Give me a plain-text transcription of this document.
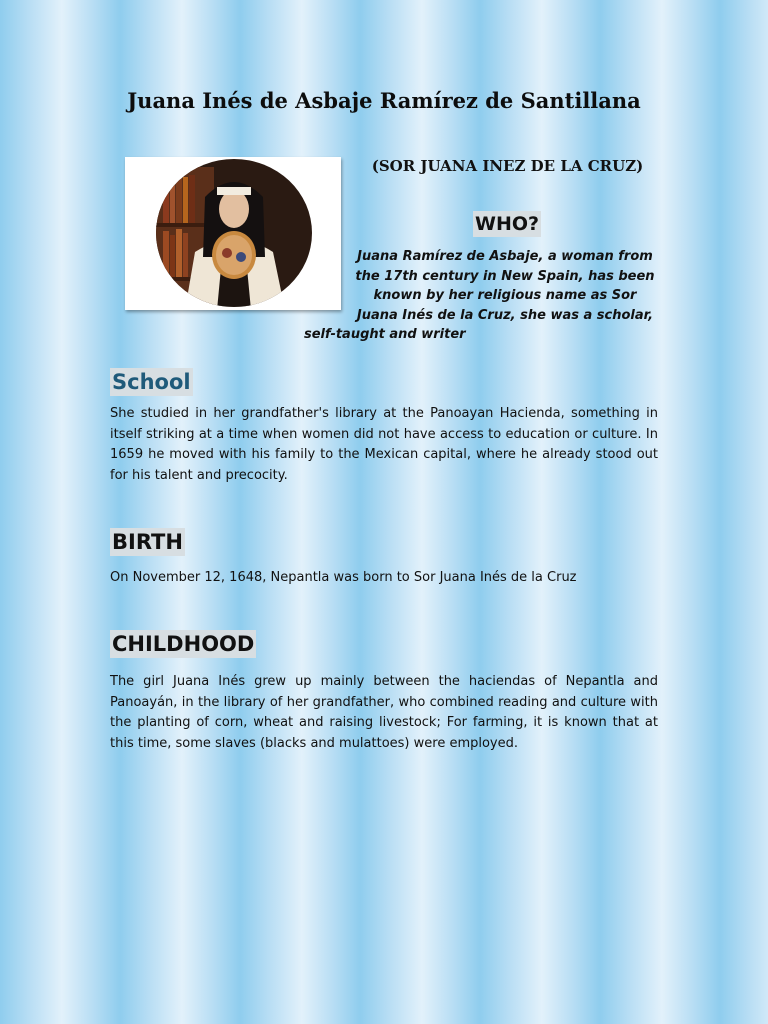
Juana Inés de Asbaje Ramírez de Santillana

(SOR JUANA INEZ DE LA CRUZ)

WHO?

Juana Ramírez de Asbaje, a woman from
the 17th century in New Spain, has been
known by her religious name as Sor
Juana Inés de la Cruz, she was a scholar,
self-taught and writer

School

She studied in her grandfather's library at the Panoayan Hacienda, something in itself striking at a time when women did not have access to education or culture. In 1659 he moved with his family to the Mexican capital, where he already stood out for his talent and precocity.

BIRTH

On November 12, 1648, Nepantla was born to Sor Juana Inés de la Cruz

CHILDHOOD

The girl Juana Inés grew up mainly between the haciendas of Nepantla and Panoayán, in the library of her grandfather, who combined reading and culture with the planting of corn, wheat and raising livestock; For farming, it is known that at this time, some slaves (blacks and mulattoes) were employed.
